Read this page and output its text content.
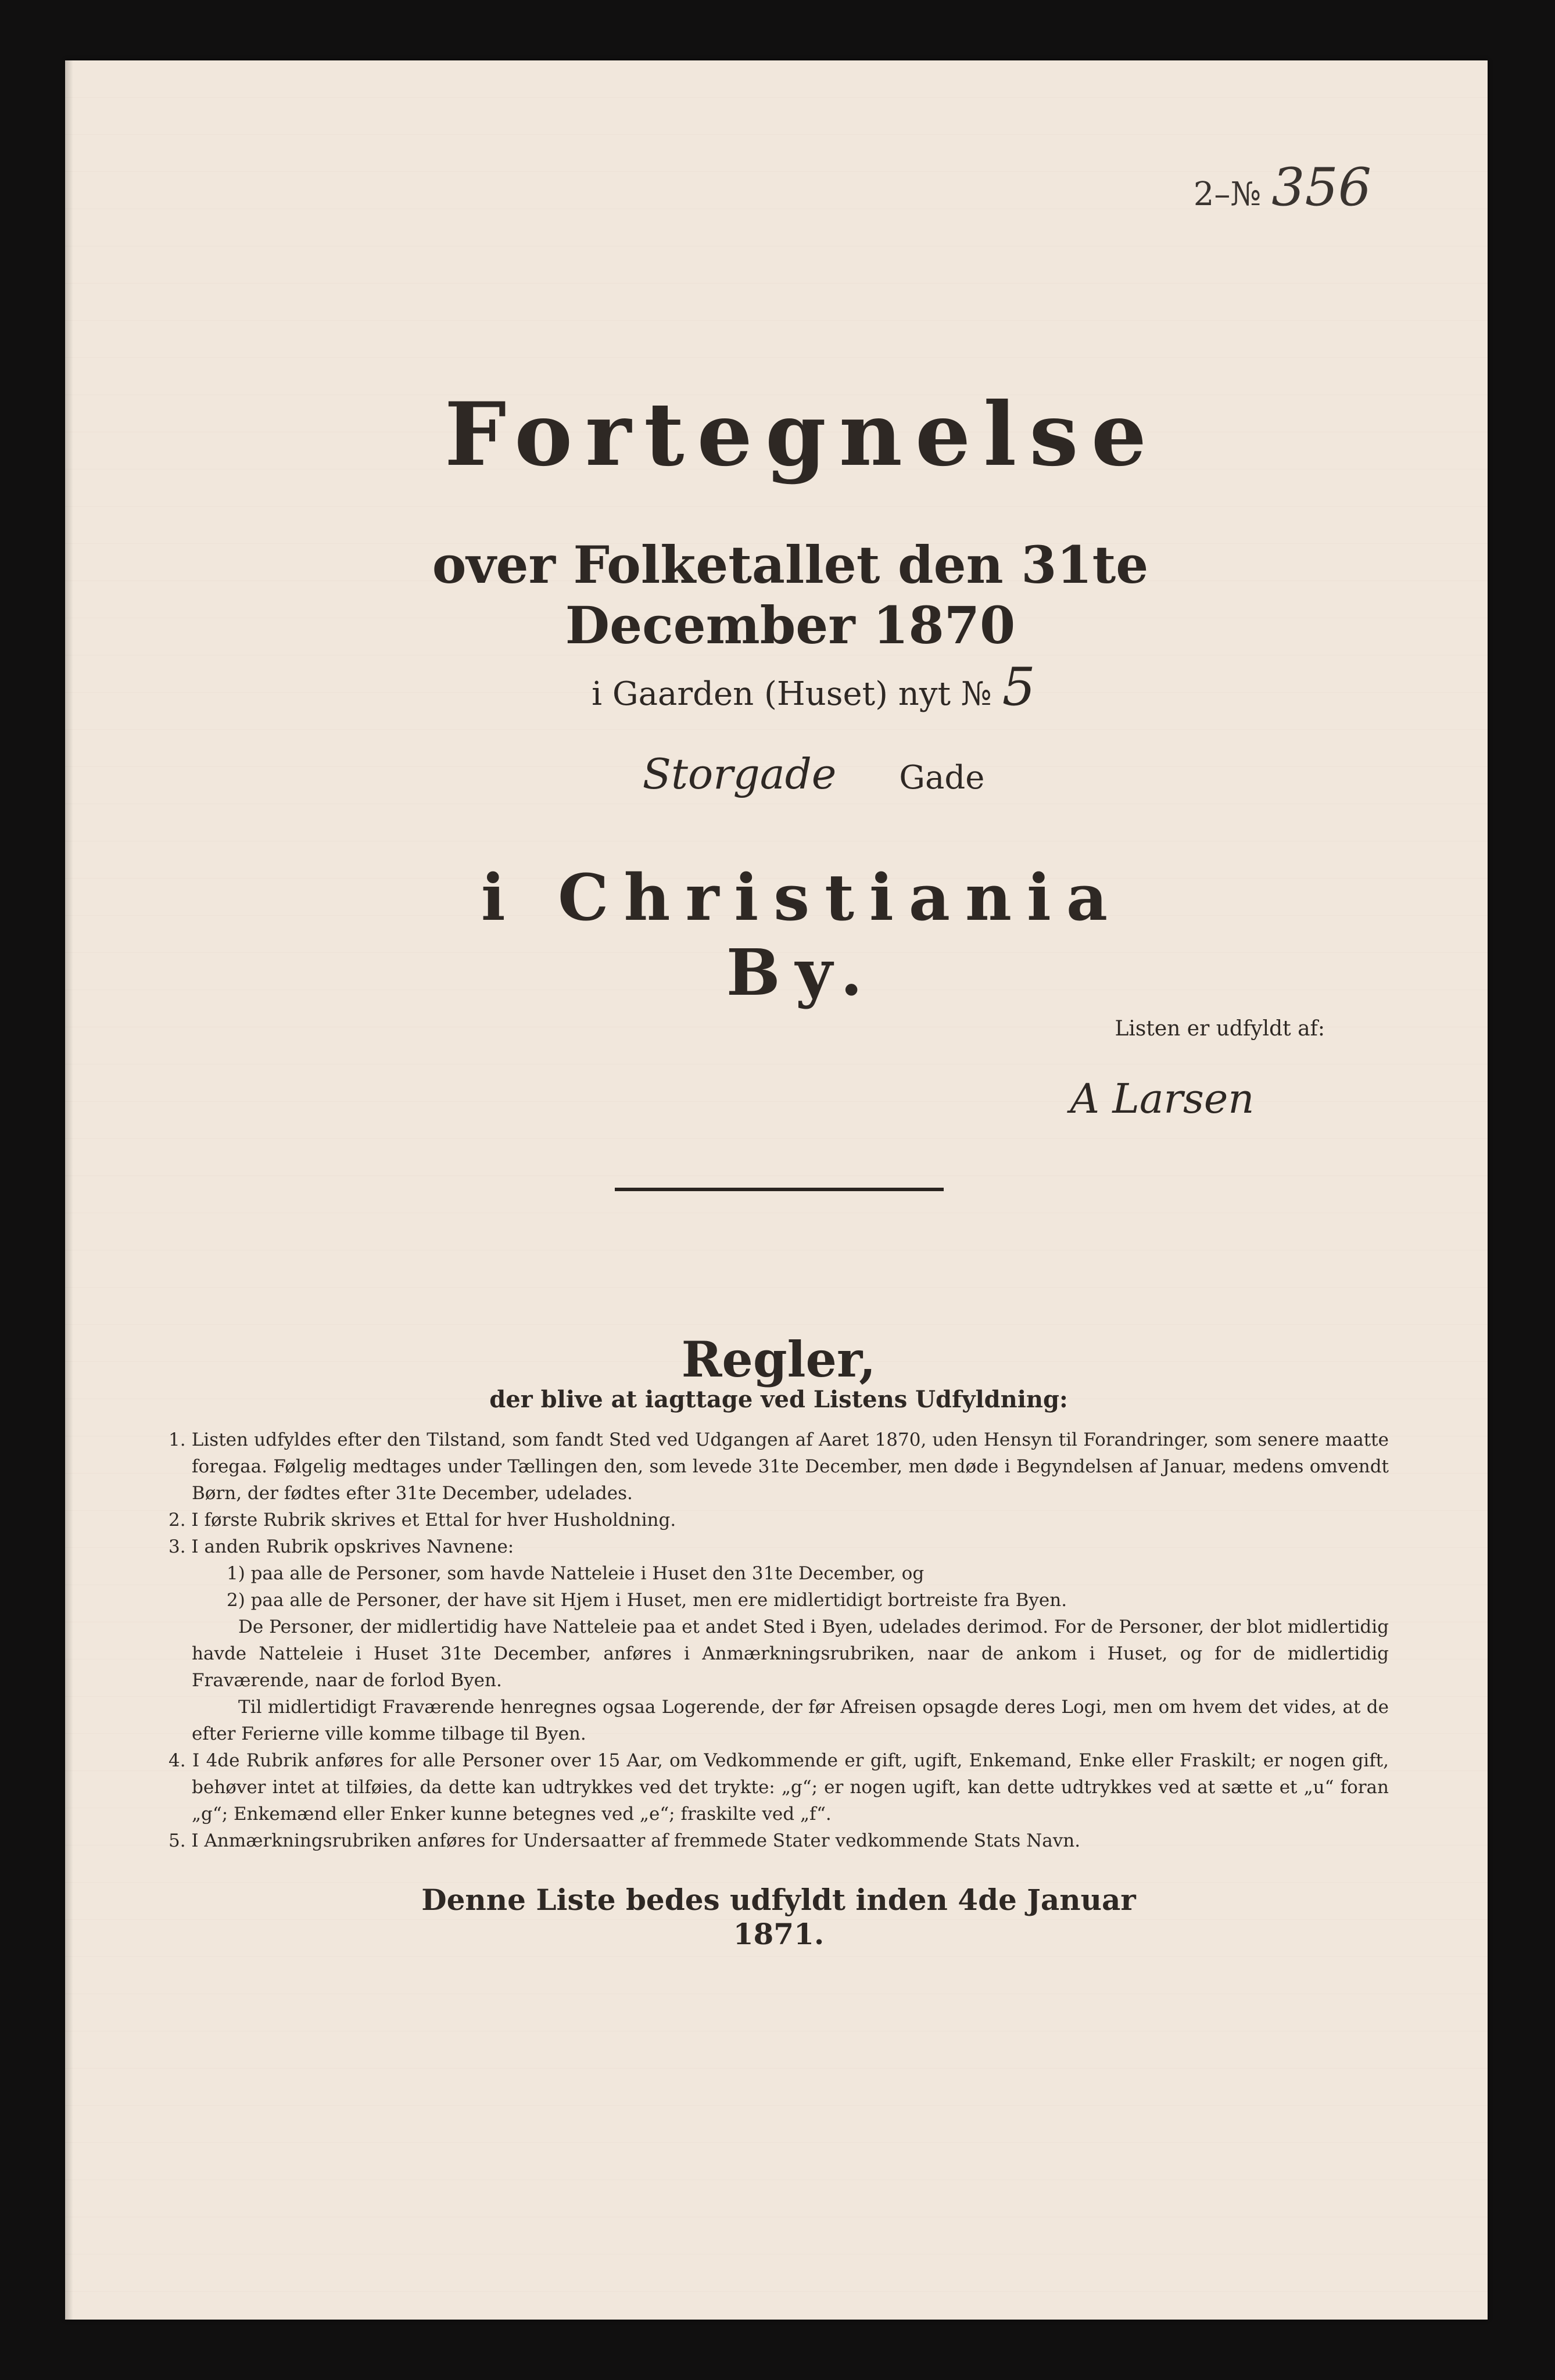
2–№ 356
Fortegnelse
over Folketallet den 31te December 1870
i Gaarden (Huset) nyt № 5
Storgade Gade
i Christiania By.
Listen er udfyldt af:
A Larsen
Regler,
der blive at iagttage ved Listens Udfyldning:

1. Listen udfyldes efter den Tilstand, som fandt Sted ved Udgangen af Aaret 1870, uden Hensyn til Forandringer, som senere maatte foregaa. Følgelig medtages under Tællingen den, som levede 31te December, men døde i Begyndelsen af Januar, medens omvendt Børn, der fødtes efter 31te December, udelades.

2. I første Rubrik skrives et Ettal for hver Husholdning.

3. I anden Rubrik opskrives Navnene:

1) paa alle de Personer, som havde Natteleie i Huset den 31te December, og

2) paa alle de Personer, der have sit Hjem i Huset, men ere midlertidigt bortreiste fra Byen.

De Personer, der midlertidig have Natteleie paa et andet Sted i Byen, udelades derimod. For de Personer, der blot midlertidig havde Natteleie i Huset 31te December, anføres i Anmærkningsrubriken, naar de ankom i Huset, og for de midlertidig Fraværende, naar de forlod Byen.

Til midlertidigt Fraværende henregnes ogsaa Logerende, der før Afreisen opsagde deres Logi, men om hvem det vides, at de efter Ferierne ville komme tilbage til Byen.

4. I 4de Rubrik anføres for alle Personer over 15 Aar, om Vedkommende er gift, ugift, Enkemand, Enke eller Fraskilt; er nogen gift, behøver intet at tilføies, da dette kan udtrykkes ved det trykte: „g“; er nogen ugift, kan dette udtrykkes ved at sætte et „u“ foran „g“; Enkemænd eller Enker kunne betegnes ved „e“; fraskilte ved „f“.

5. I Anmærkningsrubriken anføres for Undersaatter af fremmede Stater vedkommende Stats Navn.

Denne Liste bedes udfyldt inden 4de Januar 1871.
